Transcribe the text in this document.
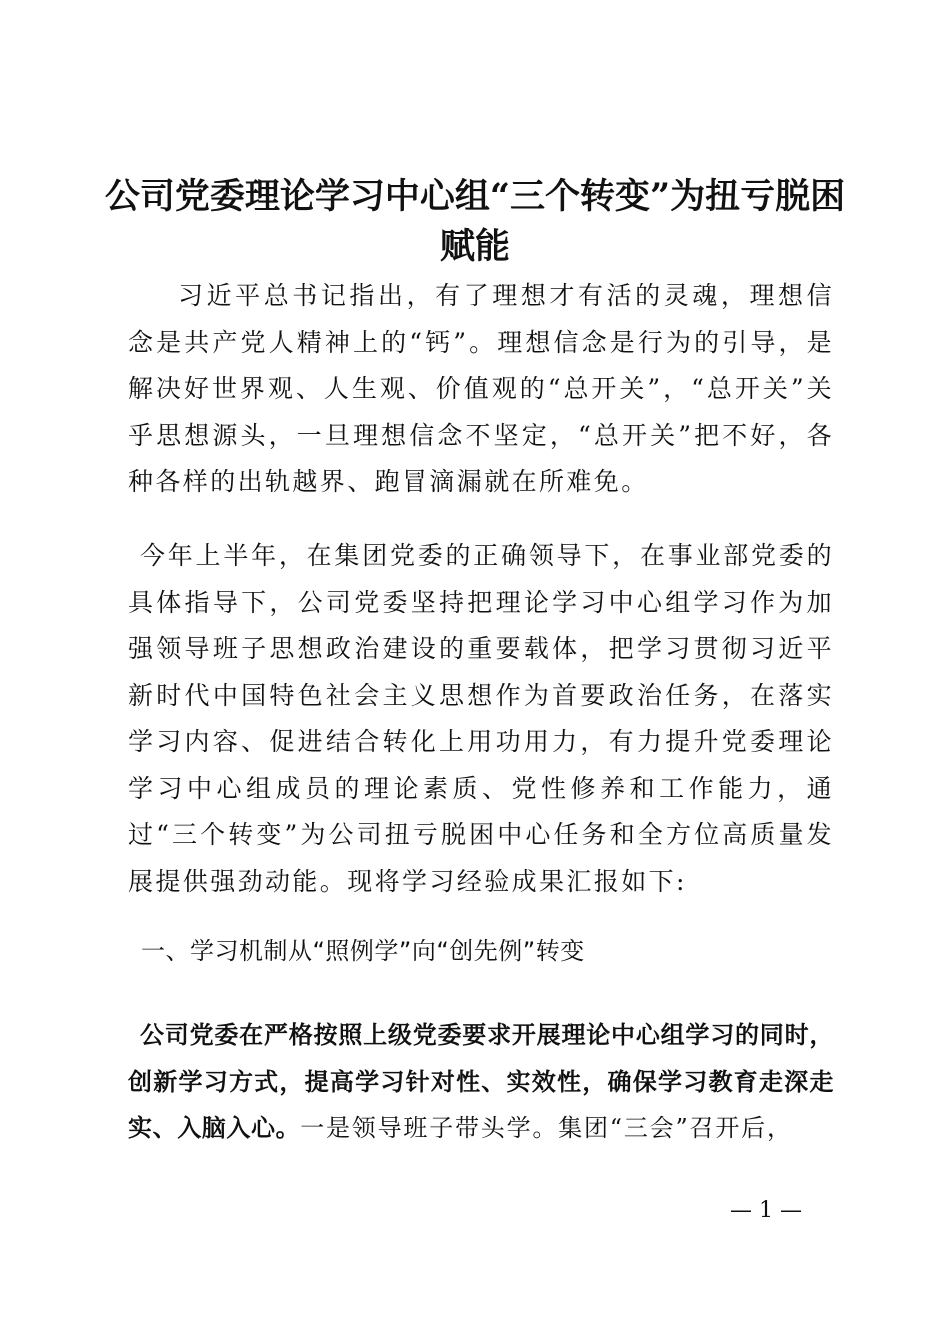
公司党委理论学习中心组“三个转变”为扭亏脱困赋能

习近平总书记指出，有了理想才有活的灵魂，理想信念是共产党人精神上的“钙”。理想信念是行为的引导，是解决好世界观、人生观、价值观的“总开关”，“总开关”关乎思想源头，一旦理想信念不坚定，“总开关”把不好，各种各样的出轨越界、跑冒滴漏就在所难免。

今年上半年，在集团党委的正确领导下，在事业部党委的具体指导下，公司党委坚持把理论学习中心组学习作为加强领导班子思想政治建设的重要载体，把学习贯彻习近平新时代中国特色社会主义思想作为首要政治任务，在落实学习内容、促进结合转化上用功用力，有力提升党委理论学习中心组成员的理论素质、党性修养和工作能力，通过“三个转变”为公司扭亏脱困中心任务和全方位高质量发展提供强劲动能。现将学习经验成果汇报如下:

一、学习机制从“照例学”向“创先例”转变

公司党委在严格按照上级党委要求开展理论中心组学习的同时，创新学习方式，提高学习针对性、实效性，确保学习教育走深走实、入脑入心。一是领导班子带头学。集团“三会”召开后，

— 1 —
